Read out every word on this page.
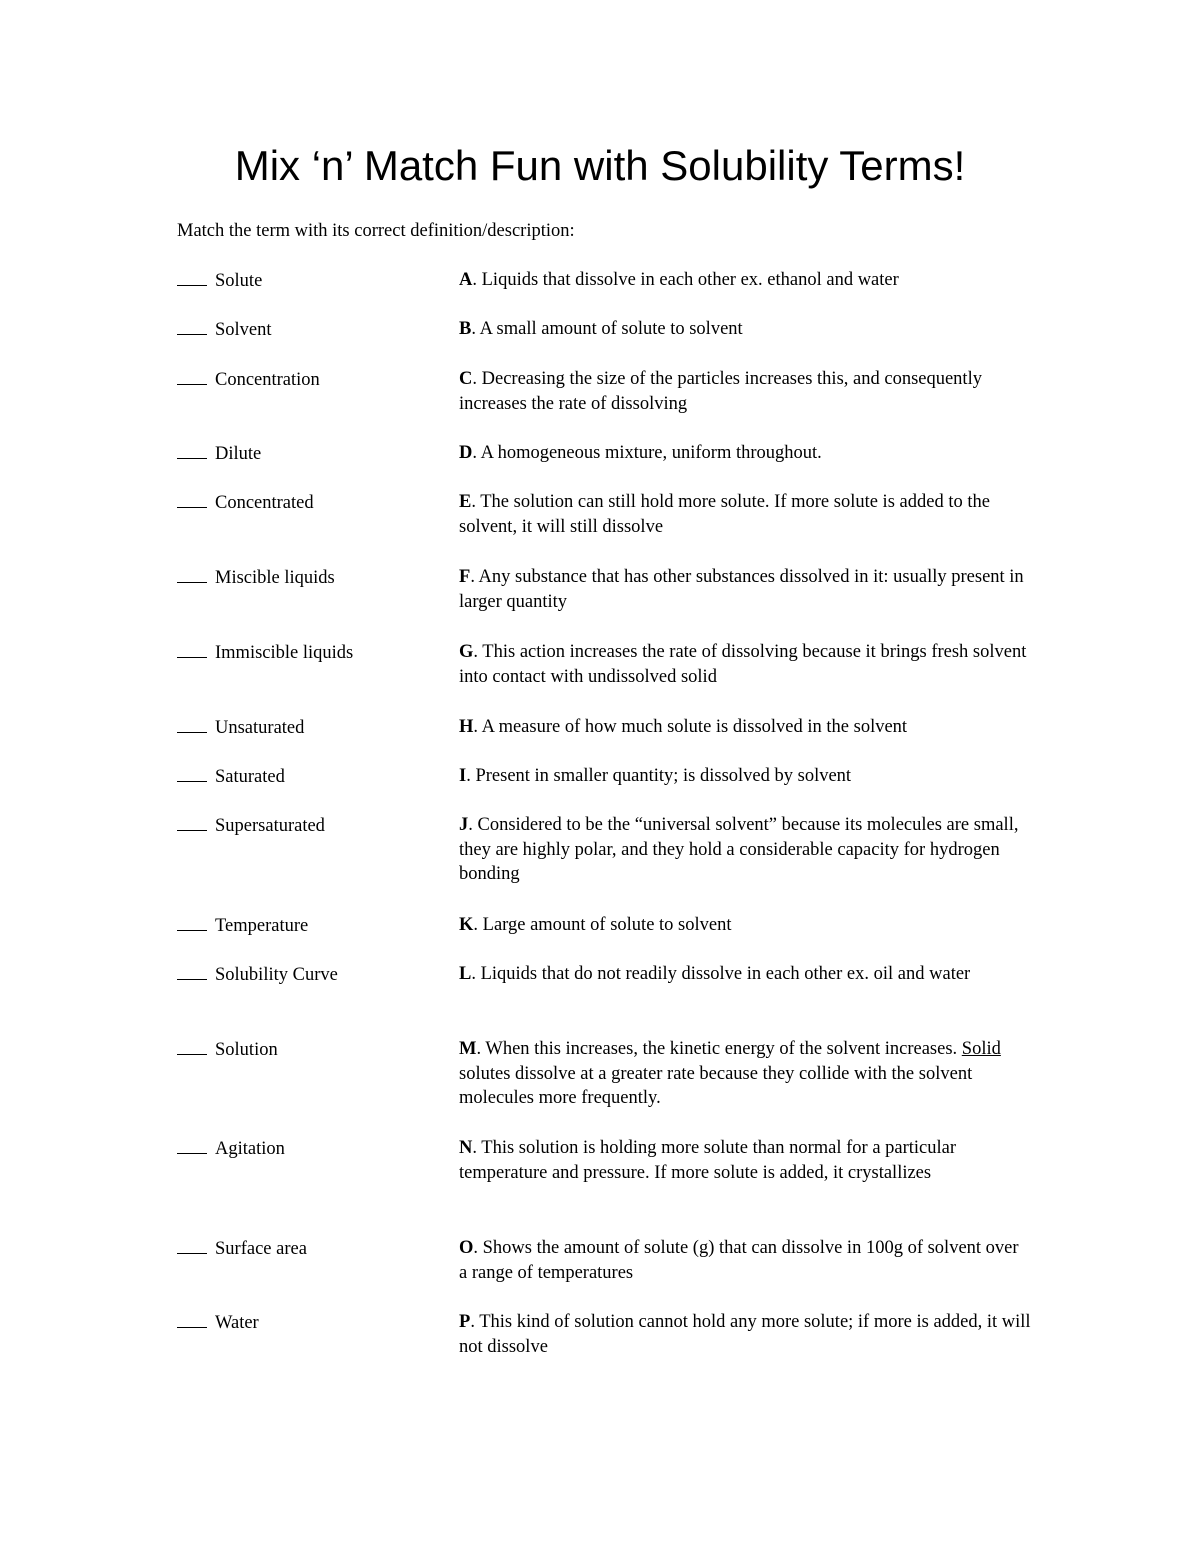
Mix ‘n’ Match Fun with Solubility Terms!
Match the term with its correct definition/description:
Solute	A. Liquids that dissolve in each other ex. ethanol and water
Solvent	B. A small amount of solute to solvent
Concentration	C. Decreasing the size of the particles increases this, and consequently increases the rate of dissolving
Dilute	D. A homogeneous mixture, uniform throughout.
Concentrated	E. The solution can still hold more solute. If more solute is added to the solvent, it will still dissolve
Miscible liquids	F. Any substance that has other substances dissolved in it: usually present in larger quantity
Immiscible liquids	G. This action increases the rate of dissolving because it brings fresh solvent into contact with undissolved solid
Unsaturated	H. A measure of how much solute is dissolved in the solvent
Saturated	I. Present in smaller quantity; is dissolved by solvent
Supersaturated	J. Considered to be the “universal solvent” because its molecules are small, they are highly polar, and they hold a considerable capacity for hydrogen bonding
Temperature	K. Large amount of solute to solvent
Solubility Curve	L. Liquids that do not readily dissolve in each other ex. oil and water
Solution	M. When this increases, the kinetic energy of the solvent increases. Solid solutes dissolve at a greater rate because they collide with the solvent molecules more frequently.
Agitation	N. This solution is holding more solute than normal for a particular temperature and pressure. If more solute is added, it crystallizes
Surface area	O. Shows the amount of solute (g) that can dissolve in 100g of solvent over a range of temperatures
Water	P. This kind of solution cannot hold any more solute; if more is added, it will not dissolve
